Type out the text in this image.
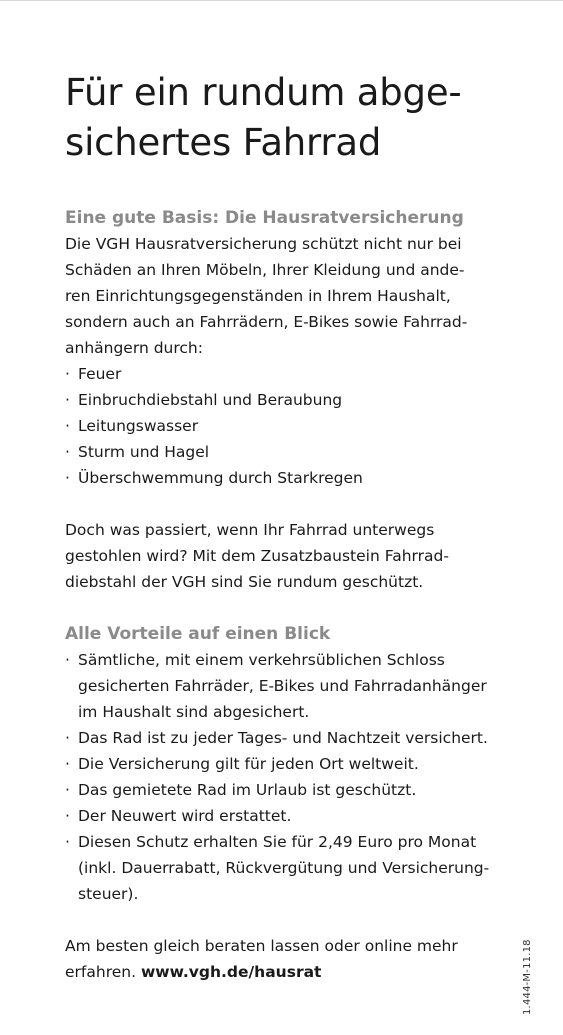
Für ein rundum abge-
sichertes Fahrrad
Eine gute Basis: Die Hausratversicherung

Die VGH Hausratversicherung schützt nicht nur bei
Schäden an Ihren Möbeln, Ihrer Kleidung und ande-
ren Einrichtungsgegenständen in Ihrem Haushalt,
sondern auch an Fahrrädern, E-Bikes sowie Fahrrad-
anhängern durch:

· Feuer
· Einbruchdiebstahl und Beraubung
· Leitungswasser
· Sturm und Hagel
· Überschwemmung durch Starkregen

Doch was passiert, wenn Ihr Fahrrad unterwegs
gestohlen wird? Mit dem Zusatzbaustein Fahrrad-
diebstahl der VGH sind Sie rundum geschützt.

Alle Vorteile auf einen Blick
· Sämtliche, mit einem verkehrsüblichen Schloss
gesicherten Fahrräder, E-Bikes und Fahrradanhänger
im Haushalt sind abgesichert.
· Das Rad ist zu jeder Tages- und Nachtzeit versichert.
· Die Versicherung gilt für jeden Ort weltweit.
· Das gemietete Rad im Urlaub ist geschützt.
· Der Neuwert wird erstattet.
· Diesen Schutz erhalten Sie für 2,49 Euro pro Monat
(inkl. Dauerrabatt, Rückvergütung und Versicherung-
steuer).

Am besten gleich beraten lassen oder online mehr
erfahren. www.vgh.de/hausrat	1.444-M-11.18
